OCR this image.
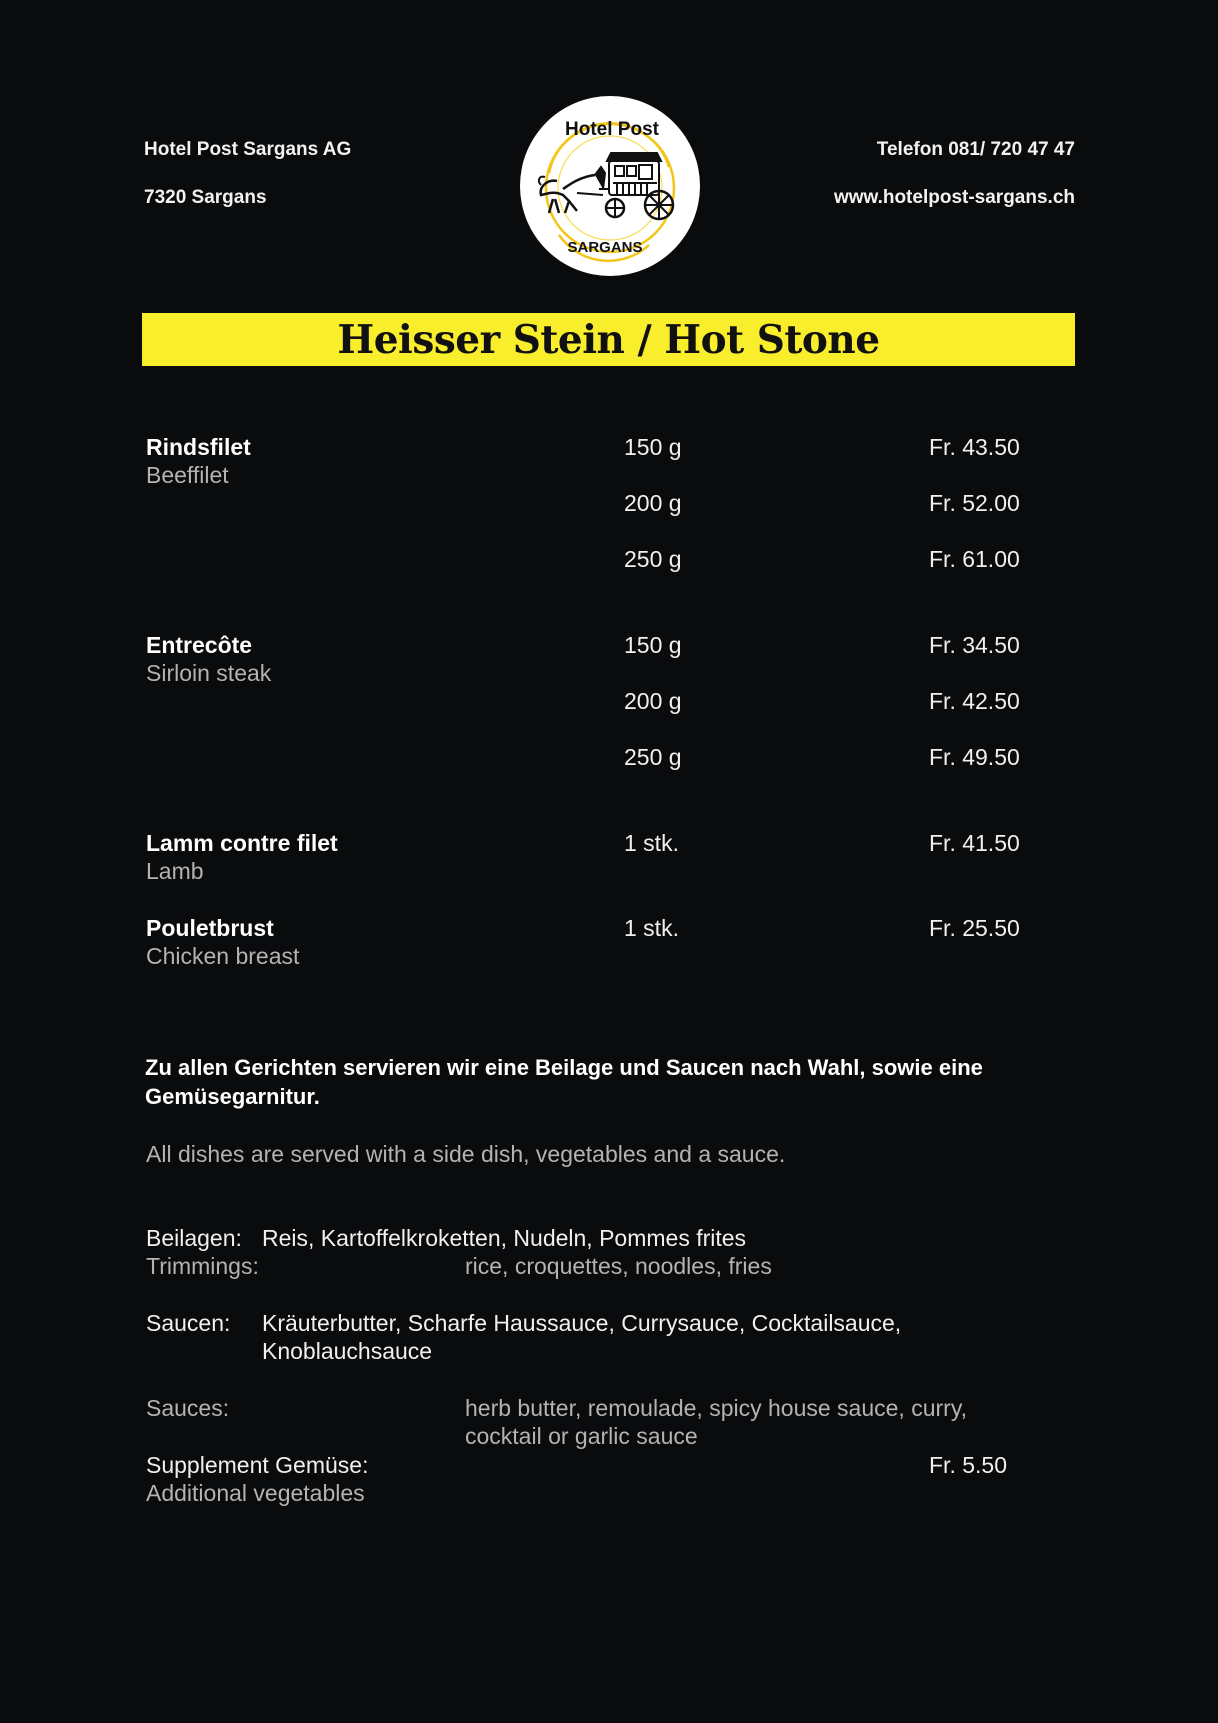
Hotel Post Sargans AG
7320 Sargans
Telefon 081/ 720 47 47
www.hotelpost-sargans.ch
Hotel Post
SARGANS
Heisser Stein / Hot Stone
Rindsfilet
Beeffilet
150 g	Fr. 43.50
200 g	Fr. 52.00
250 g	Fr. 61.00
Entrecôte
Sirloin steak
150 g	Fr. 34.50
200 g	Fr. 42.50
250 g	Fr. 49.50
Lamm contre filet
Lamb
1 stk.	Fr. 41.50
Pouletbrust
Chicken breast
1 stk.	Fr. 25.50
Zu allen Gerichten servieren wir eine Beilage und Saucen nach Wahl, sowie eine Gemüsegarnitur.
All dishes are served with a side dish, vegetables and a sauce.
Beilagen: Reis, Kartoffelkroketten, Nudeln, Pommes frites
Trimmings:	rice, croquettes, noodles, fries
Saucen: Kräuterbutter, Scharfe Haussauce, Currysauce, Cocktailsauce,
Knoblauchsauce
Sauces:	herb butter, remoulade, spicy house sauce, curry,
cocktail or garlic sauce
Supplement Gemüse:
Additional vegetables
Fr. 5.50
